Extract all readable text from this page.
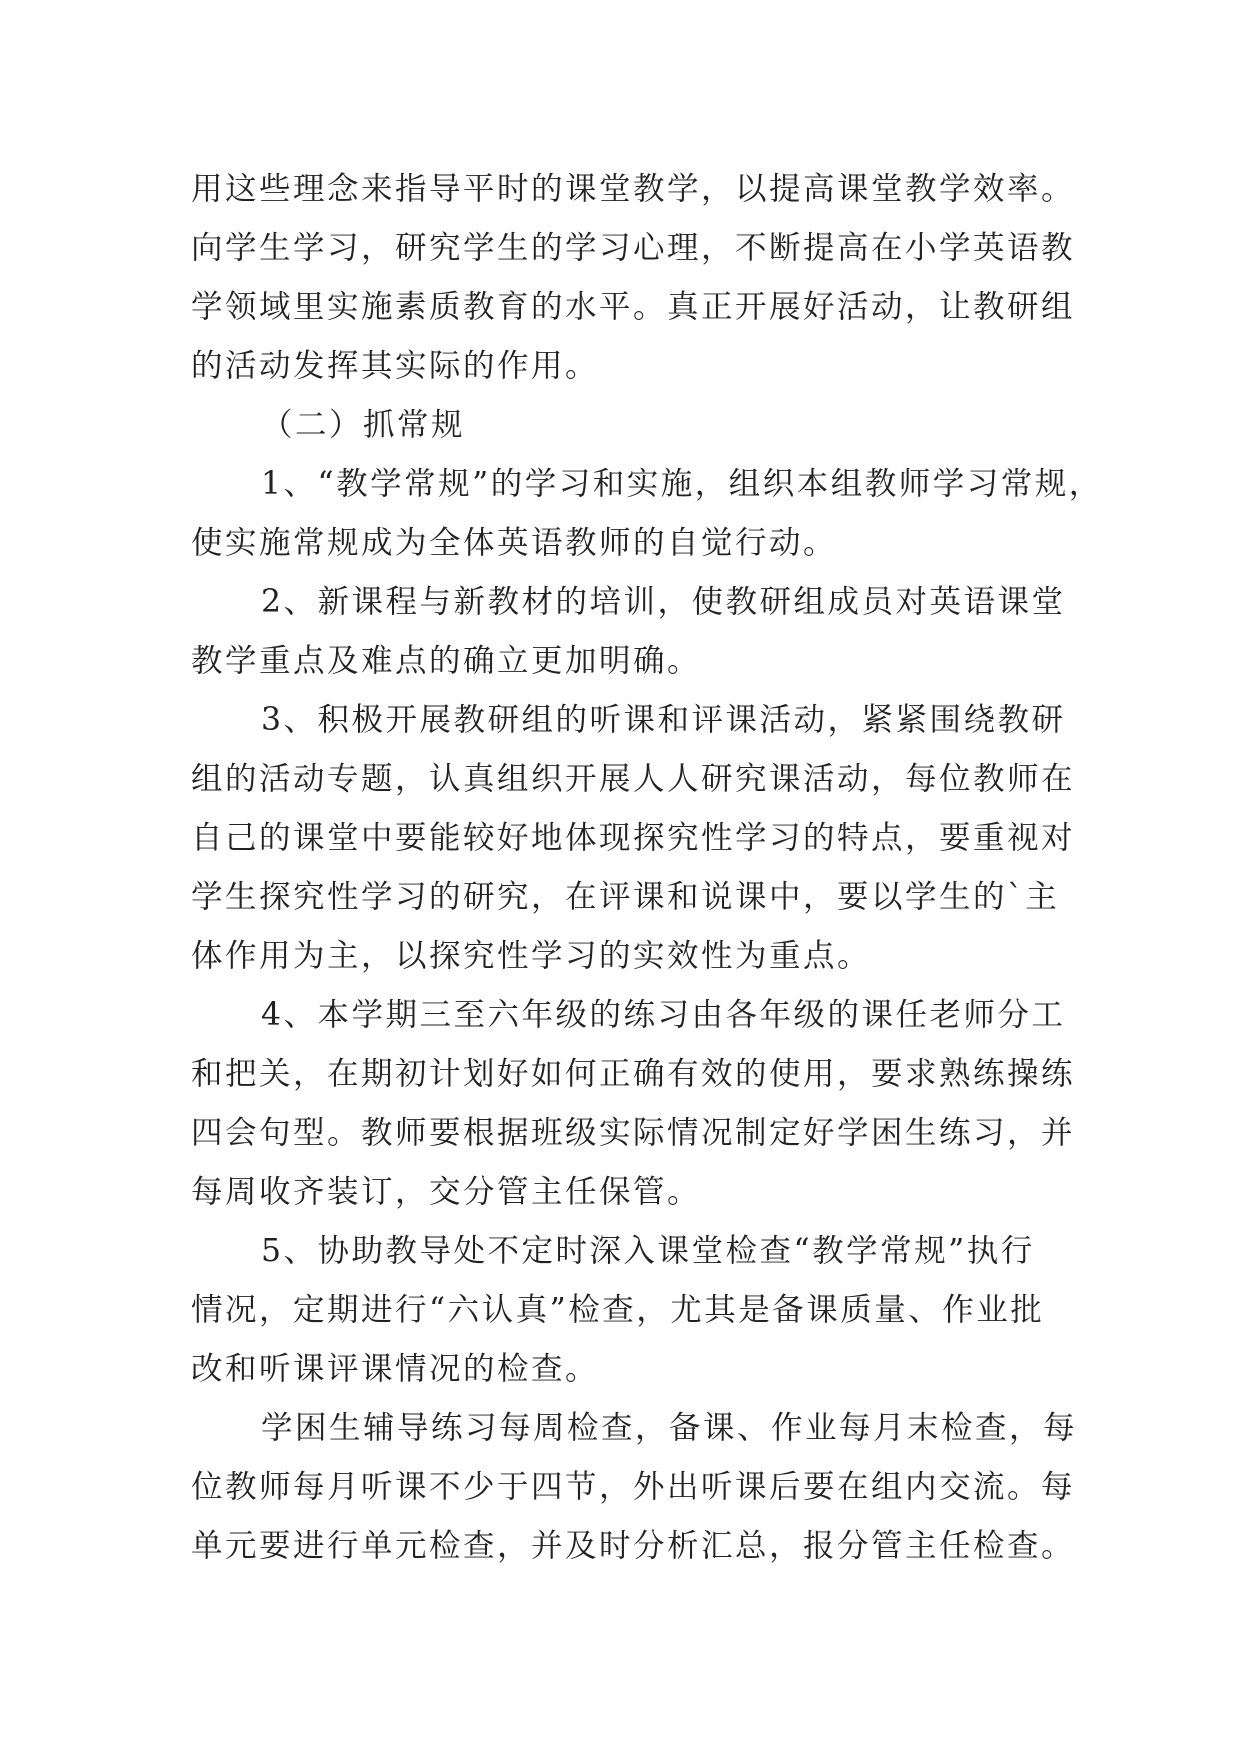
用这些理念来指导平时的课堂教学，以提高课堂教学效率。
向学生学习，研究学生的学习心理，不断提高在小学英语教
学领域里实施素质教育的水平。真正开展好活动，让教研组
的活动发挥其实际的作用。
（二）抓常规
1、“教学常规”的学习和实施，组织本组教师学习常规，
使实施常规成为全体英语教师的自觉行动。
2、新课程与新教材的培训，使教研组成员对英语课堂
教学重点及难点的确立更加明确。
3、积极开展教研组的听课和评课活动，紧紧围绕教研
组的活动专题，认真组织开展人人研究课活动，每位教师在
自己的课堂中要能较好地体现探究性学习的特点，要重视对
学生探究性学习的研究，在评课和说课中，要以学生的`主
体作用为主，以探究性学习的实效性为重点。
4、本学期三至六年级的练习由各年级的课任老师分工
和把关，在期初计划好如何正确有效的使用，要求熟练操练
四会句型。教师要根据班级实际情况制定好学困生练习，并
每周收齐装订，交分管主任保管。
5、协助教导处不定时深入课堂检查“教学常规”执行
情况，定期进行“六认真”检查，尤其是备课质量、作业批
改和听课评课情况的检查。
学困生辅导练习每周检查，备课、作业每月末检查，每
位教师每月听课不少于四节，外出听课后要在组内交流。每
单元要进行单元检查，并及时分析汇总，报分管主任检查。
